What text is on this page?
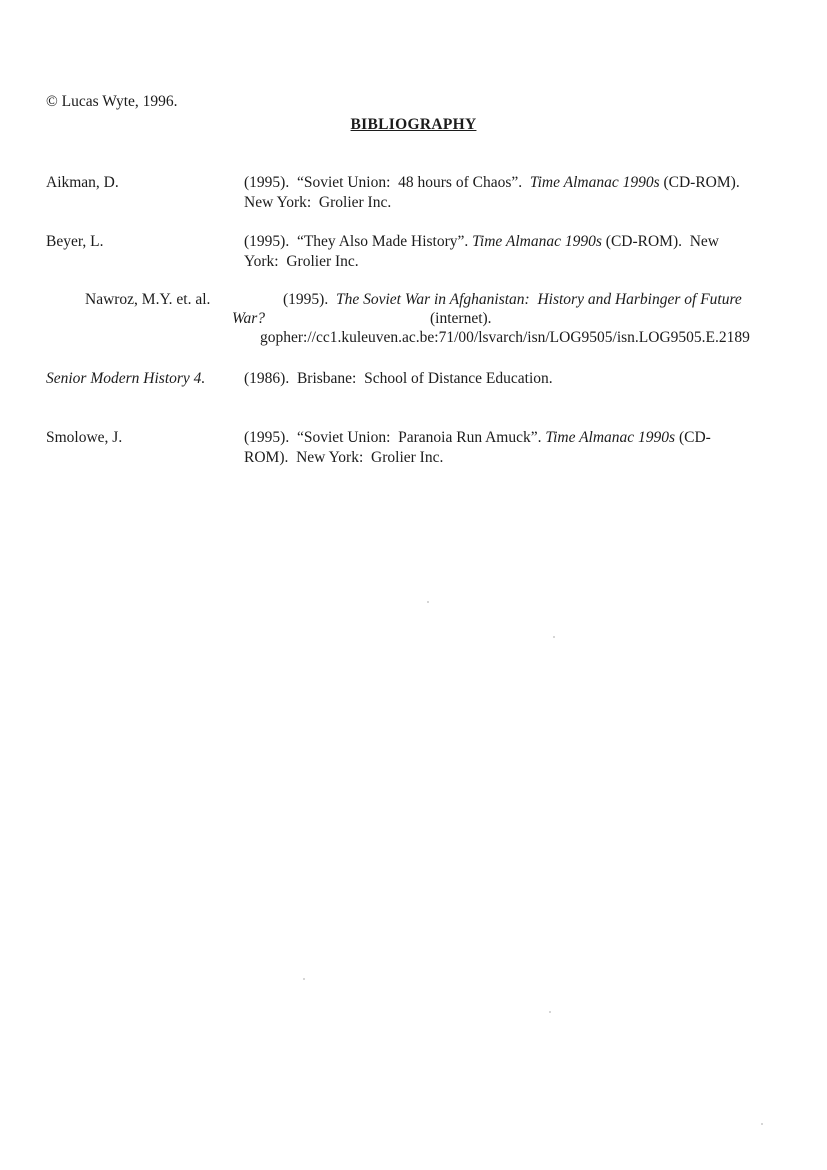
© Lucas Wyte, 1996.
BIBLIOGRAPHY
Aikman, D.	(1995).  “Soviet Union:  48 hours of Chaos”.  Time Almanac 1990s (CD-ROM).
New York:  Grolier Inc.
Beyer, L.	(1995).  “They Also Made History”. Time Almanac 1990s (CD-ROM).  New
York:  Grolier Inc.
Nawroz, M.Y. et. al.	(1995).  The Soviet War in Afghanistan:  History and Harbinger of Future
War?	(internet).
gopher://cc1.kuleuven.ac.be:71/00/lsvarch/isn/LOG9505/isn.LOG9505.E.2189
Senior Modern History 4. (1986).  Brisbane:  School of Distance Education.
Smolowe, J.	(1995).  “Soviet Union:  Paranoia Run Amuck”. Time Almanac 1990s (CD-
ROM).  New York:  Grolier Inc.
